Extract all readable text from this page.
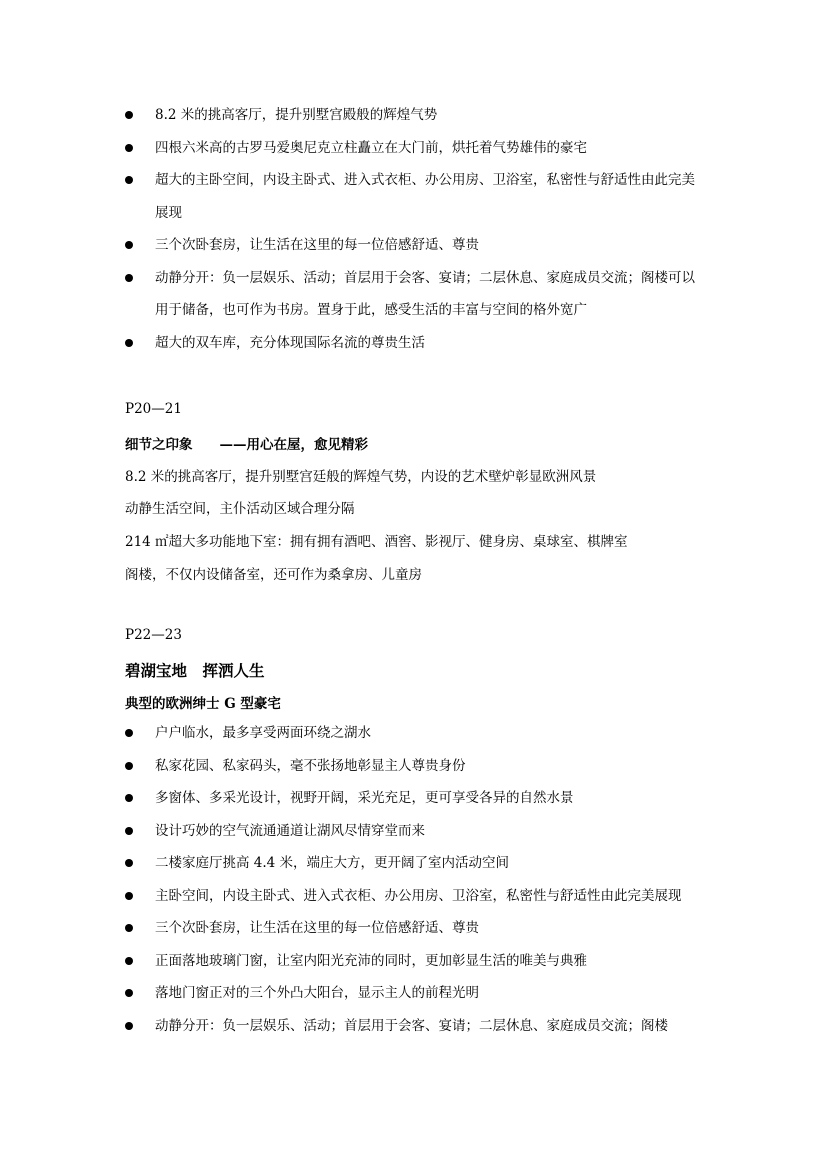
8.2 米的挑高客厅，提升别墅宫殿般的辉煌气势
四根六米高的古罗马爱奥尼克立柱矗立在大门前，烘托着气势雄伟的豪宅
超大的主卧空间，内设主卧式、进入式衣柜、办公用房、卫浴室，私密性与舒适性由此完美展现
三个次卧套房，让生活在这里的每一位倍感舒适、尊贵
动静分开：负一层娱乐、活动；首层用于会客、宴请；二层休息、家庭成员交流；阁楼可以用于储备，也可作为书房。置身于此，感受生活的丰富与空间的格外宽广
超大的双车库，充分体现国际名流的尊贵生活
P20—21
细节之印象　　——用心在屋，愈见精彩
8.2 米的挑高客厅，提升别墅宫廷般的辉煌气势，内设的艺术壁炉彰显欧洲风景
动静生活空间，主仆活动区域合理分隔
214 ㎡超大多功能地下室：拥有拥有酒吧、酒窖、影视厅、健身房、桌球室、棋牌室
阁楼，不仅内设储备室，还可作为桑拿房、儿童房
P22—23
碧湖宝地　挥洒人生
典型的欧洲绅士 G 型豪宅
户户临水，最多享受两面环绕之湖水
私家花园、私家码头，毫不张扬地彰显主人尊贵身份
多窗体、多采光设计，视野开阔，采光充足，更可享受各异的自然水景
设计巧妙的空气流通通道让湖风尽情穿堂而来
二楼家庭厅挑高 4.4 米，端庄大方，更开阔了室内活动空间
主卧空间，内设主卧式、进入式衣柜、办公用房、卫浴室，私密性与舒适性由此完美展现
三个次卧套房，让生活在这里的每一位倍感舒适、尊贵
正面落地玻璃门窗，让室内阳光充沛的同时，更加彰显生活的唯美与典雅
落地门窗正对的三个外凸大阳台，显示主人的前程光明
动静分开：负一层娱乐、活动；首层用于会客、宴请；二层休息、家庭成员交流；阁楼
